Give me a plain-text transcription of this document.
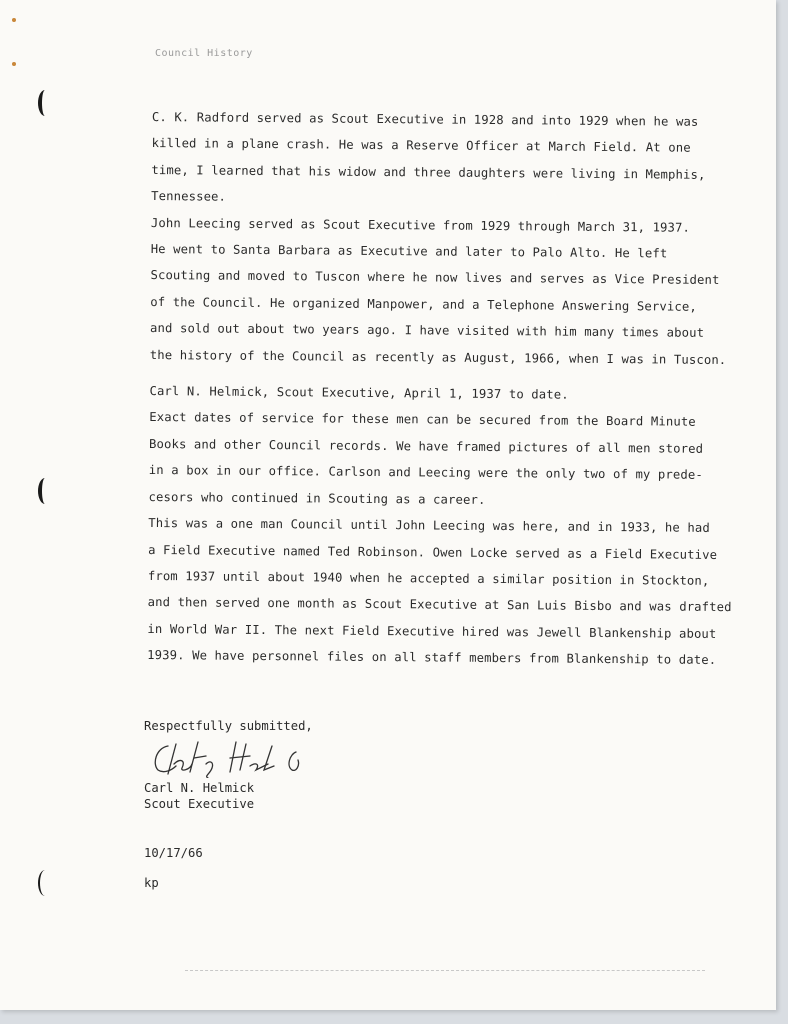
Council History
C. K. Radford served as Scout Executive in 1928 and into 1929 when he was
killed in a plane crash. He was a Reserve Officer at March Field. At one
time, I learned that his widow and three daughters were living in Memphis,
Tennessee.
John Leecing served as Scout Executive from 1929 through March 31, 1937.
He went to Santa Barbara as Executive and later to Palo Alto. He left
Scouting and moved to Tuscon where he now lives and serves as Vice President
of the Council. He organized Manpower, and a Telephone Answering Service,
and sold out about two years ago. I have visited with him many times about
the history of the Council as recently as August, 1966, when I was in Tuscon.
Carl N. Helmick, Scout Executive, April 1, 1937 to date.
Exact dates of service for these men can be secured from the Board Minute
Books and other Council records. We have framed pictures of all men stored
in a box in our office. Carlson and Leecing were the only two of my prede-
cesors who continued in Scouting as a career.
This was a one man Council until John Leecing was here, and in 1933, he had
a Field Executive named Ted Robinson. Owen Locke served as a Field Executive
from 1937 until about 1940 when he accepted a similar position in Stockton,
and then served one month as Scout Executive at San Luis Bisbo and was drafted
in World War II. The next Field Executive hired was Jewell Blankenship about
1939. We have personnel files on all staff members from Blankenship to date.
Respectfully submitted,
Carl N. Helmick
Scout Executive
10/17/66
kp
